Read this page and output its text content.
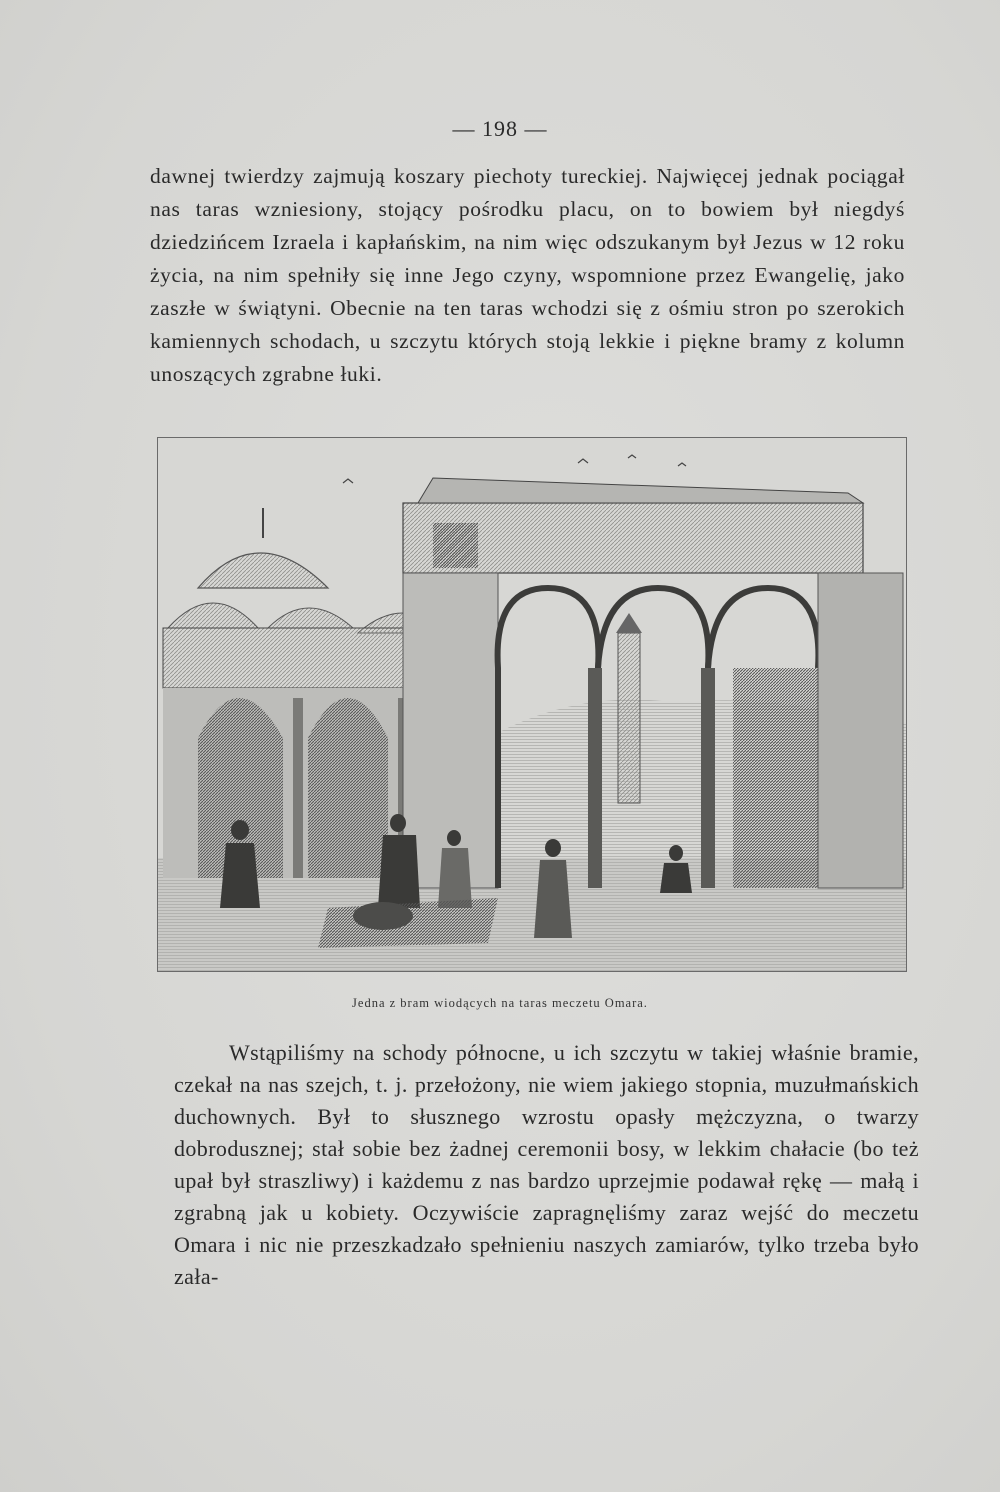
— 198 —

dawnej twierdzy zajmują koszary piechoty tureckiej. Najwięcej jednak pociągał nas taras wzniesiony, stojący pośrodku placu, on to bowiem był niegdyś dziedzińcem Izraela i kapłańskim, na nim więc odszukanym był Jezus w 12 roku życia, na nim spełniły się inne Jego czyny, wspomnione przez Ewangelię, jako zaszłe w świątyni. Obecnie na ten taras wchodzi się z ośmiu stron po szerokich kamiennych schodach, u szczytu których stoją lekkie i piękne bramy z kolumn unoszących zgrabne łuki.

Jedna z bram wiodących na taras meczetu Omara.

Wstąpiliśmy na schody północne, u ich szczytu w takiej właśnie bramie, czekał na nas szejch, t. j. przełożony, nie wiem jakiego stopnia, muzułmańskich duchownych. Był to słusznego wzrostu opasły mężczyzna, o twarzy dobrodusznej; stał sobie bez żadnej ceremonii bosy, w lekkim chałacie (bo też upał był straszliwy) i każdemu z nas bardzo uprzejmie podawał rękę — małą i zgrabną jak u kobiety. Oczywiście zapragnęliśmy zaraz wejść do meczetu Omara i nic nie przeszkadzało spełnieniu naszych zamiarów, tylko trzeba było zała-
